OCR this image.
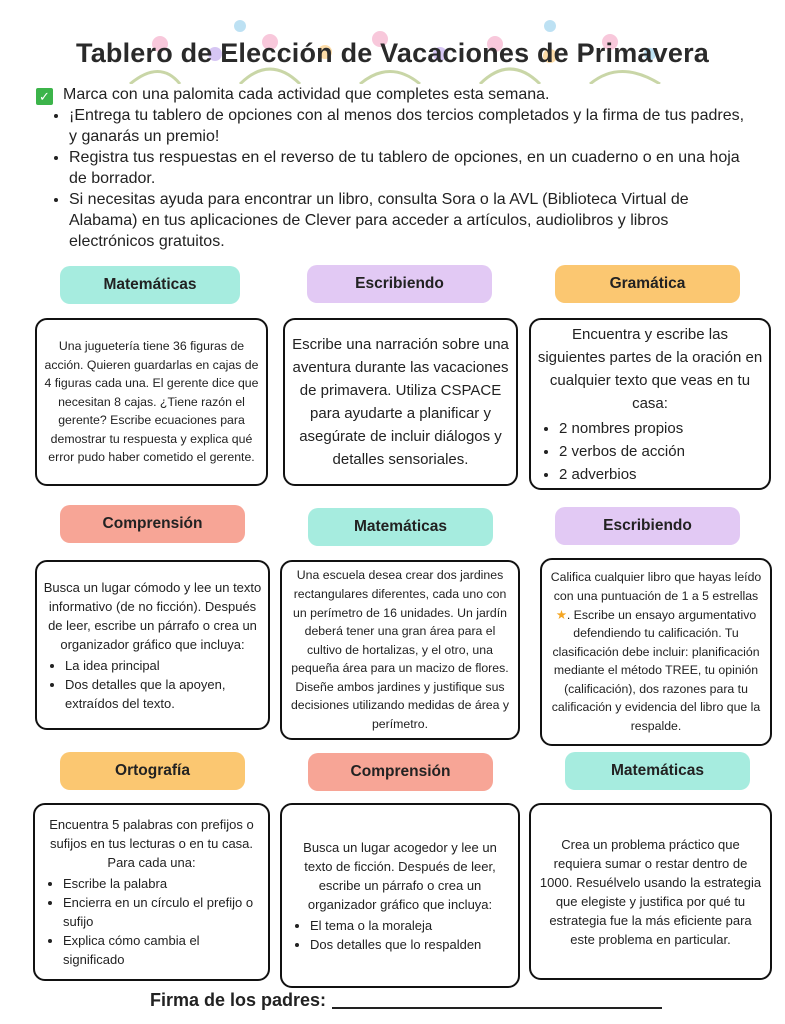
Tablero de Elección de Vacaciones de Primavera
✓ Marca con una palomita cada actividad que completes esta semana.
• ¡Entrega tu tablero de opciones con al menos dos tercios completados y la firma de tus padres, y ganarás un premio!
• Registra tus respuestas en el reverso de tu tablero de opciones, en un cuaderno o en una hoja de borrador.
• Si necesitas ayuda para encontrar un libro, consulta Sora o la AVL (Biblioteca Virtual de Alabama) en tus aplicaciones de Clever para acceder a artículos, audiolibros y libros electrónicos gratuitos.
Matemáticas
Una juguetería tiene 36 figuras de acción. Quieren guardarlas en cajas de 4 figuras cada una. El gerente dice que necesitan 8 cajas. ¿Tiene razón el gerente? Escribe ecuaciones para demostrar tu respuesta y explica qué error pudo haber cometido el gerente.
Escribiendo
Escribe una narración sobre una aventura durante las vacaciones de primavera. Utiliza CSPACE para ayudarte a planificar y asegúrate de incluir diálogos y detalles sensoriales.
Gramática
Encuentra y escribe las siguientes partes de la oración en cualquier texto que veas en tu casa:
• 2 nombres propios
• 2 verbos de acción
• 2 adverbios
Comprensión
Busca un lugar cómodo y lee un texto informativo (de no ficción). Después de leer, escribe un párrafo o crea un organizador gráfico que incluya:
• La idea principal
• Dos detalles que la apoyen, extraídos del texto.
Matemáticas
Una escuela desea crear dos jardines rectangulares diferentes, cada uno con un perímetro de 16 unidades. Un jardín deberá tener una gran área para el cultivo de hortalizas, y el otro, una pequeña área para un macizo de flores. Diseñe ambos jardines y justifique sus decisiones utilizando medidas de área y perímetro.
Escribiendo
Califica cualquier libro que hayas leído con una puntuación de 1 a 5 estrellas ★. Escribe un ensayo argumentativo defendiendo tu calificación. Tu clasificación debe incluir: planificación mediante el método TREE, tu opinión (calificación), dos razones para tu calificación y evidencia del libro que la respalde.
Ortografía
Encuentra 5 palabras con prefijos o sufijos en tus lecturas o en tu casa. Para cada una:
• Escribe la palabra
• Encierra en un círculo el prefijo o sufijo
• Explica cómo cambia el significado
Comprensión
Busca un lugar acogedor y lee un texto de ficción. Después de leer, escribe un párrafo o crea un organizador gráfico que incluya:
• El tema o la moraleja
• Dos detalles que lo respalden
Matemáticas
Crea un problema práctico que requiera sumar o restar dentro de 1000. Resuélvelo usando la estrategia que elegiste y justifica por qué tu estrategia fue la más eficiente para este problema en particular.
Firma de los padres:
